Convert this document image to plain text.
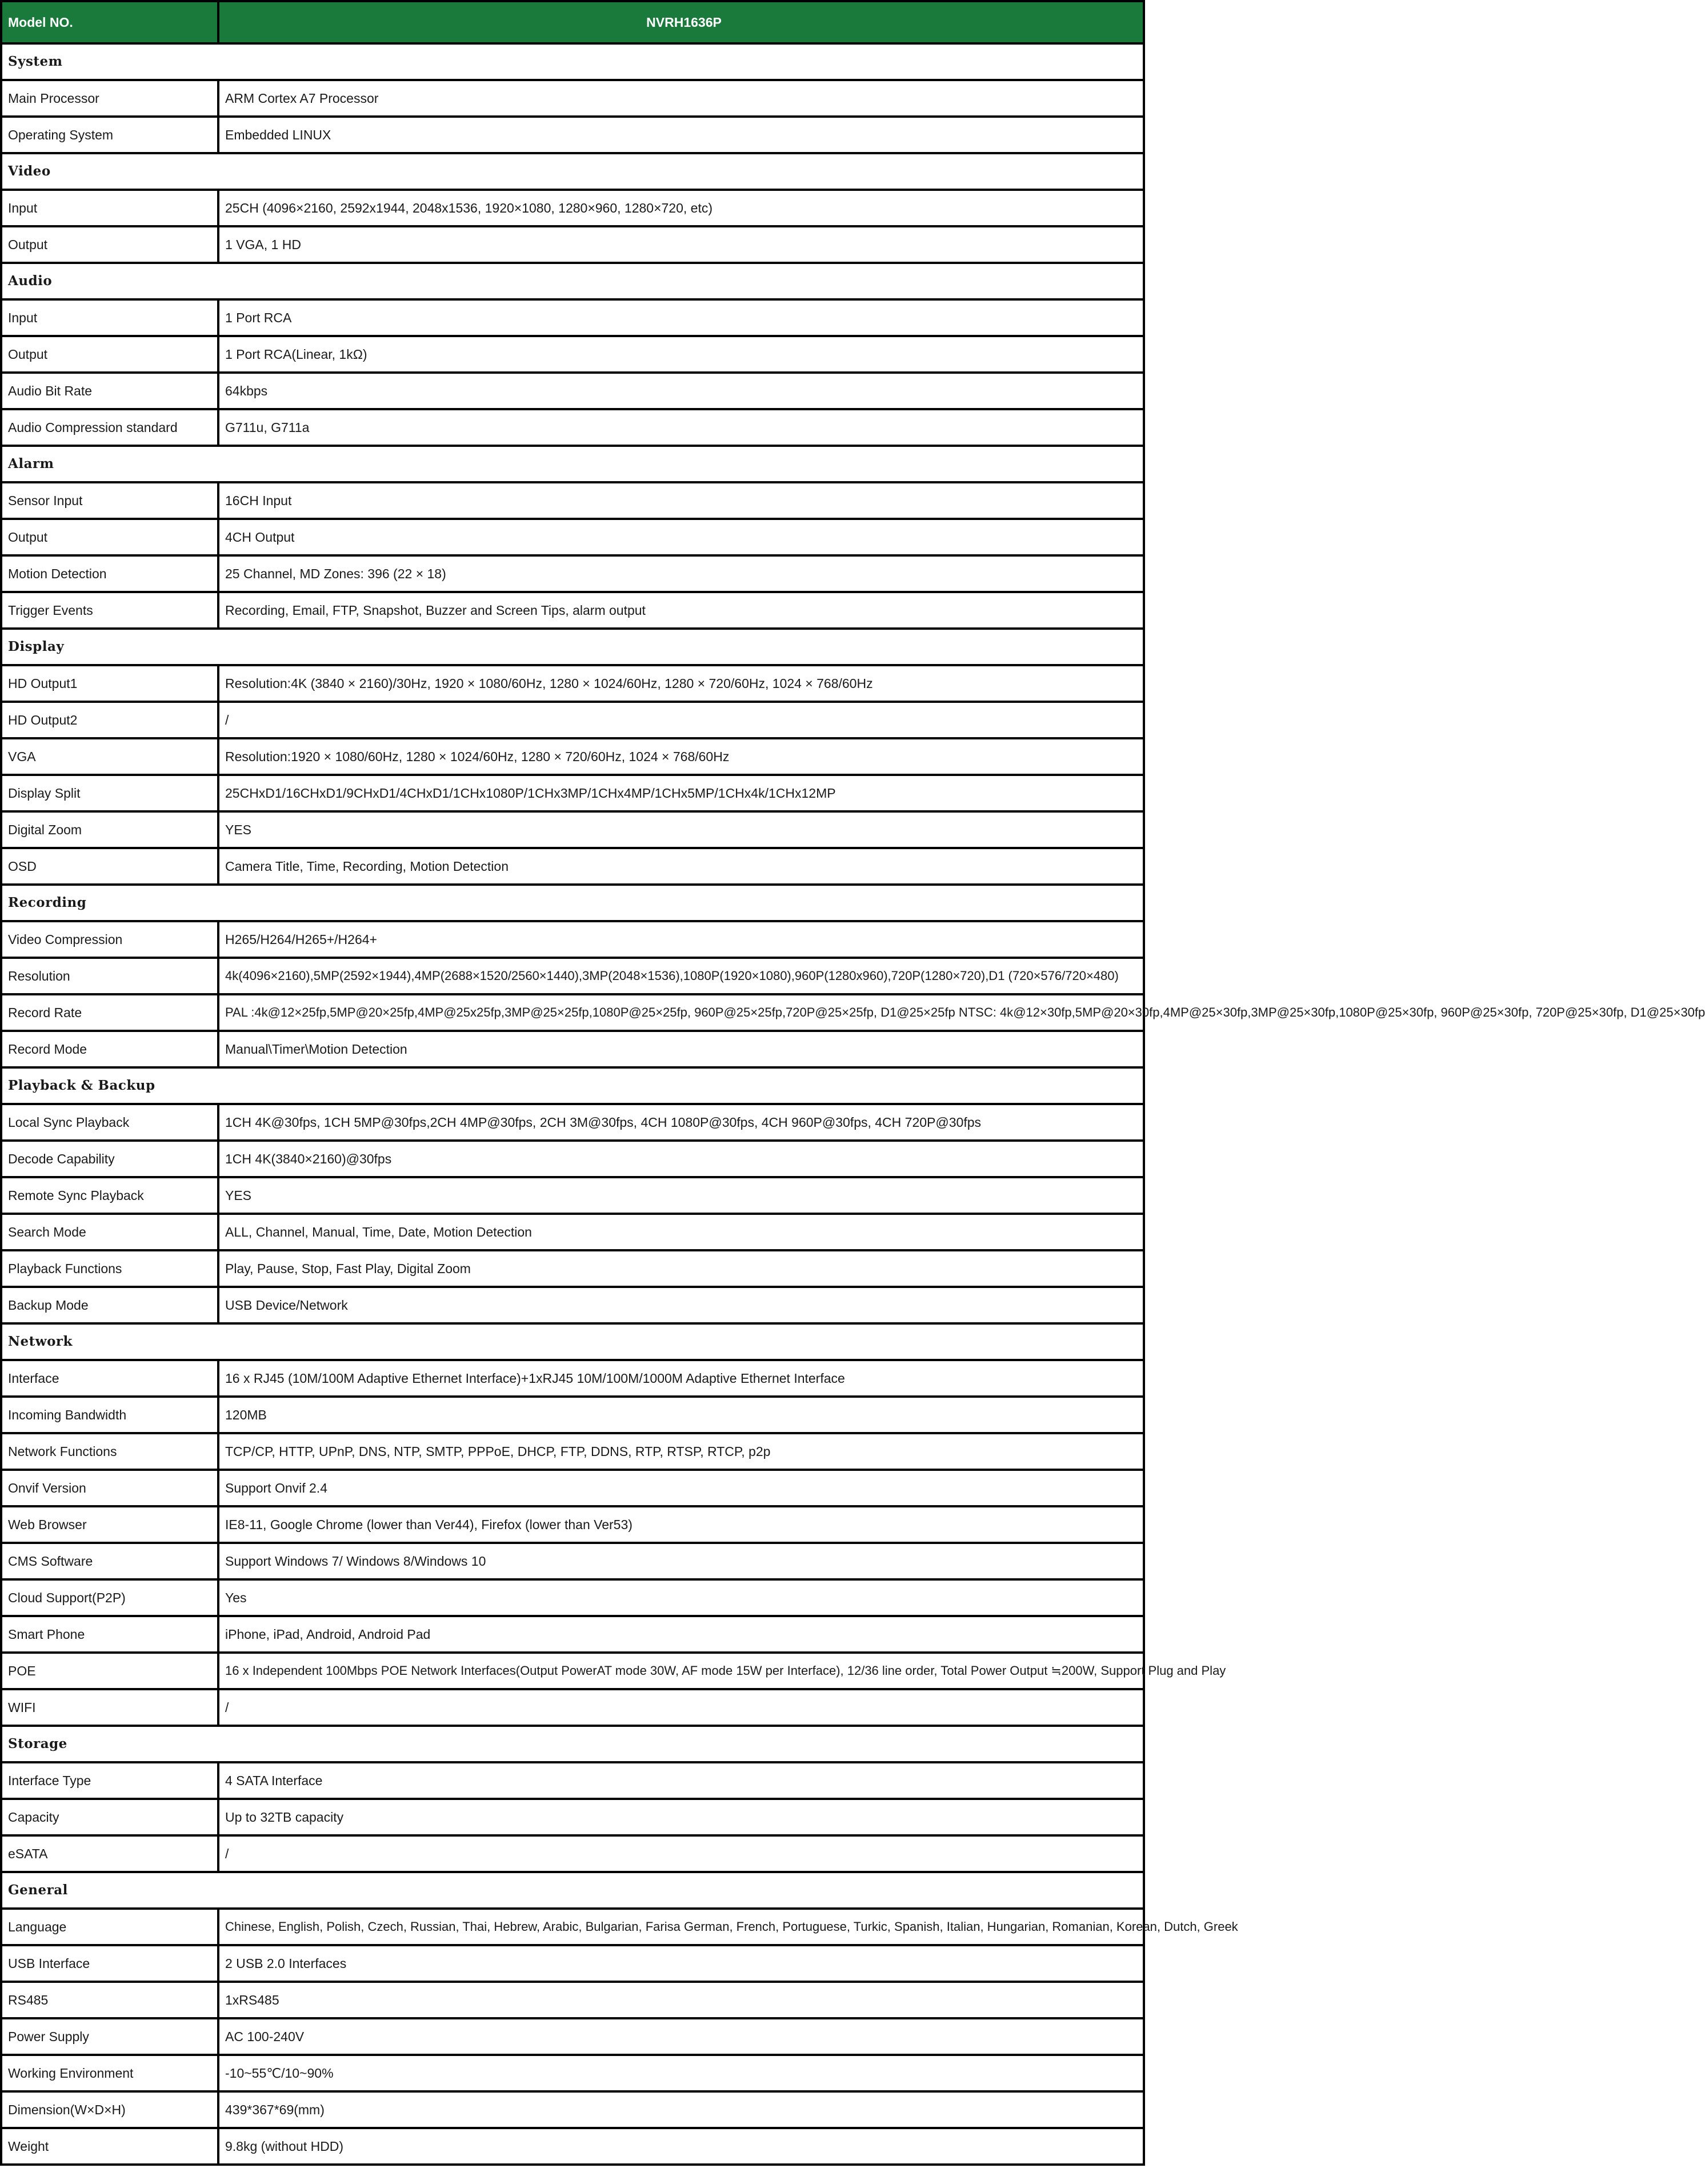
Model NO.	NVRH1636P
System	
Main Processor	ARM Cortex A7 Processor
Operating System	Embedded LINUX
Video	
Input	25CH (4096×2160, 2592x1944, 2048x1536, 1920×1080, 1280×960, 1280×720, etc)
Output	1 VGA, 1 HD
Audio	
Input	1 Port RCA
Output	1 Port RCA(Linear, 1kΩ)
Audio Bit Rate	64kbps
Audio Compression standard	G711u, G711a
Alarm	
Sensor Input	16CH Input
Output	4CH Output
Motion Detection	25 Channel, MD Zones: 396 (22 × 18)
Trigger Events	Recording, Email, FTP, Snapshot, Buzzer and Screen Tips, alarm output
Display	
HD Output1	Resolution:4K (3840 × 2160)/30Hz, 1920 × 1080/60Hz, 1280 × 1024/60Hz, 1280 × 720/60Hz, 1024 × 768/60Hz
HD Output2	/
VGA	Resolution:1920 × 1080/60Hz, 1280 × 1024/60Hz, 1280 × 720/60Hz, 1024 × 768/60Hz
Display Split	25CHxD1/16CHxD1/9CHxD1/4CHxD1/1CHx1080P/1CHx3MP/1CHx4MP/1CHx5MP/1CHx4k/1CHx12MP
Digital Zoom	YES
OSD	Camera Title, Time, Recording, Motion Detection
Recording	
Video Compression	H265/H264/H265+/H264+
Resolution	4k(4096×2160),5MP(2592×1944),4MP(2688×1520/2560×1440),3MP(2048×1536),1080P(1920×1080),960P(1280x960),720P(1280×720),D1 (720×576/720×480)
Record Rate	PAL :4k@12×25fp,5MP@20×25fp,4MP@25x25fp,3MP@25×25fp,1080P@25×25fp, 960P@25×25fp,720P@25×25fp, D1@25×25fp NTSC: 4k@12×30fp,5MP@20×30fp,4MP@25×30fp,3MP@25×30fp,1080P@25×30fp, 960P@25×30fp, 720P@25×30fp, D1@25×30fp
Record Mode	Manual\Timer\Motion Detection
Playback & Backup	
Local Sync Playback	1CH 4K@30fps, 1CH 5MP@30fps,2CH 4MP@30fps, 2CH 3M@30fps, 4CH 1080P@30fps, 4CH 960P@30fps, 4CH 720P@30fps
Decode Capability	1CH 4K(3840×2160)@30fps
Remote Sync Playback	YES
Search Mode	ALL, Channel, Manual, Time, Date, Motion Detection
Playback Functions	Play, Pause, Stop, Fast Play, Digital Zoom
Backup Mode	USB Device/Network
Network	
Interface	16 x RJ45 (10M/100M Adaptive Ethernet Interface)+1xRJ45 10M/100M/1000M Adaptive Ethernet Interface
Incoming Bandwidth	120MB
Network Functions	TCP/CP, HTTP, UPnP, DNS, NTP, SMTP, PPPoE, DHCP, FTP, DDNS, RTP, RTSP, RTCP, p2p
Onvif Version	Support Onvif 2.4
Web Browser	IE8-11, Google Chrome (lower than Ver44), Firefox (lower than Ver53)
CMS Software	Support Windows 7/ Windows 8/Windows 10
Cloud Support(P2P)	Yes
Smart Phone	iPhone, iPad, Android, Android Pad
POE	16 x Independent 100Mbps POE Network Interfaces(Output PowerAT mode 30W, AF mode 15W per Interface), 12/36 line order, Total Power Output ≒200W, Support Plug and Play
WIFI	/
Storage	
Interface Type	4 SATA Interface
Capacity	Up to 32TB capacity
eSATA	/
General	
Language	Chinese, English, Polish, Czech, Russian, Thai, Hebrew, Arabic, Bulgarian, Farisa German, French, Portuguese, Turkic, Spanish, Italian, Hungarian, Romanian, Korean, Dutch, Greek
USB Interface	2 USB 2.0 Interfaces
RS485	1xRS485
Power Supply	AC 100-240V
Working Environment	-10~55℃/10~90%
Dimension(W×D×H)	439*367*69(mm)
Weight	9.8kg (without HDD)
